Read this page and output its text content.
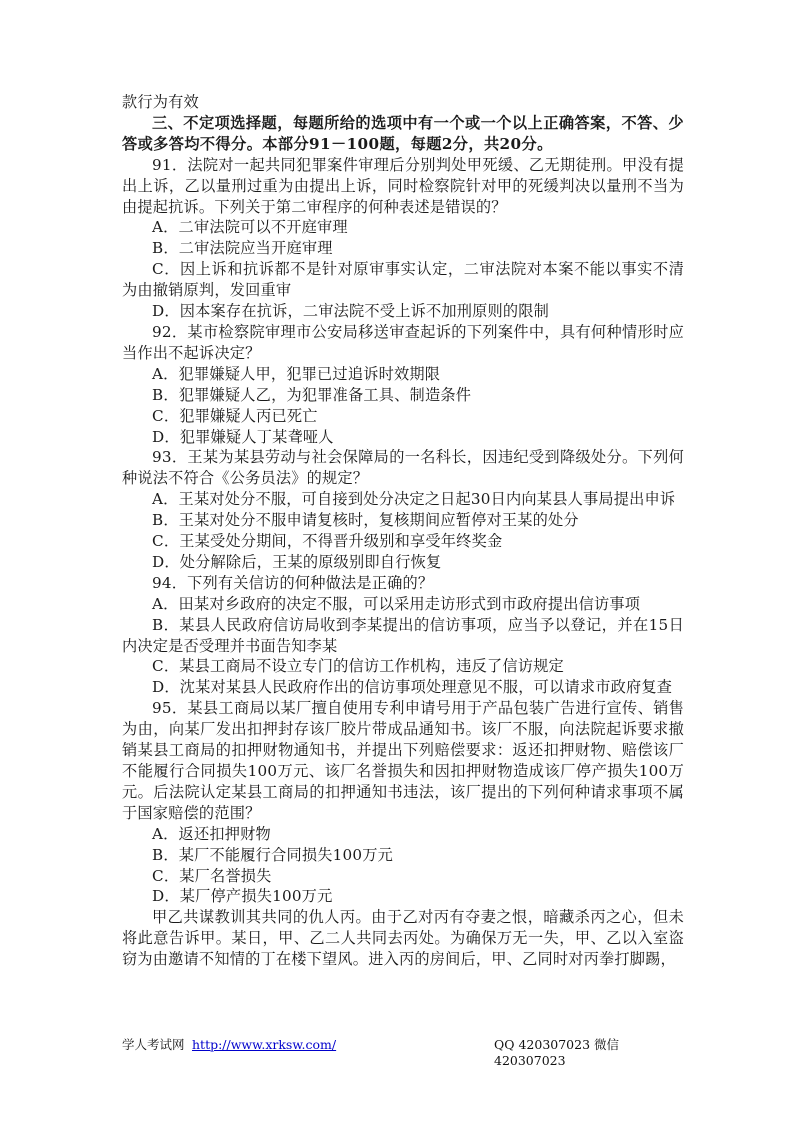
款行为有效

三、不定项选择题，每题所给的选项中有一个或一个以上正确答案，不答、少答或多答均不得分。本部分91－100题，每题2分，共20分。

91．法院对一起共同犯罪案件审理后分别判处甲死缓、乙无期徒刑。甲没有提出上诉，乙以量刑过重为由提出上诉，同时检察院针对甲的死缓判决以量刑不当为由提起抗诉。下列关于第二审程序的何种表述是错误的？

A．二审法院可以不开庭审理

B．二审法院应当开庭审理

C．因上诉和抗诉都不是针对原审事实认定，二审法院对本案不能以事实不清为由撤销原判，发回重审

D．因本案存在抗诉，二审法院不受上诉不加刑原则的限制

92．某市检察院审理市公安局移送审查起诉的下列案件中，具有何种情形时应当作出不起诉决定？

A．犯罪嫌疑人甲，犯罪已过追诉时效期限

B．犯罪嫌疑人乙，为犯罪准备工具、制造条件

C．犯罪嫌疑人丙已死亡

D．犯罪嫌疑人丁某聋哑人

93．王某为某县劳动与社会保障局的一名科长，因违纪受到降级处分。下列何种说法不符合《公务员法》的规定？

A．王某对处分不服，可自接到处分决定之日起30日内向某县人事局提出申诉

B．王某对处分不服申请复核时，复核期间应暂停对王某的处分

C．王某受处分期间，不得晋升级别和享受年终奖金

D．处分解除后，王某的原级别即自行恢复

94．下列有关信访的何种做法是正确的？

A．田某对乡政府的决定不服，可以采用走访形式到市政府提出信访事项

B．某县人民政府信访局收到李某提出的信访事项，应当予以登记，并在15日内决定是否受理并书面告知李某

C．某县工商局不设立专门的信访工作机构，违反了信访规定

D．沈某对某县人民政府作出的信访事项处理意见不服，可以请求市政府复查

95．某县工商局以某厂擅自使用专利申请号用于产品包装广告进行宣传、销售为由，向某厂发出扣押封存该厂胶片带成品通知书。该厂不服，向法院起诉要求撤销某县工商局的扣押财物通知书，并提出下列赔偿要求：返还扣押财物、赔偿该厂不能履行合同损失100万元、该厂名誉损失和因扣押财物造成该厂停产损失100万元。后法院认定某县工商局的扣押通知书违法，该厂提出的下列何种请求事项不属于国家赔偿的范围？

A．返还扣押财物

B．某厂不能履行合同损失100万元

C．某厂名誉损失

D．某厂停产损失100万元

甲乙共谋教训其共同的仇人丙。由于乙对丙有夺妻之恨，暗藏杀丙之心，但未将此意告诉甲。某日，甲、乙二人共同去丙处。为确保万无一失，甲、乙以入室盗窃为由邀请不知情的丁在楼下望风。进入丙的房间后，甲、乙同时对丙拳打脚踢，

学人考试网 http://www.xrksw.com/	QQ 420307023 微信 420307023
